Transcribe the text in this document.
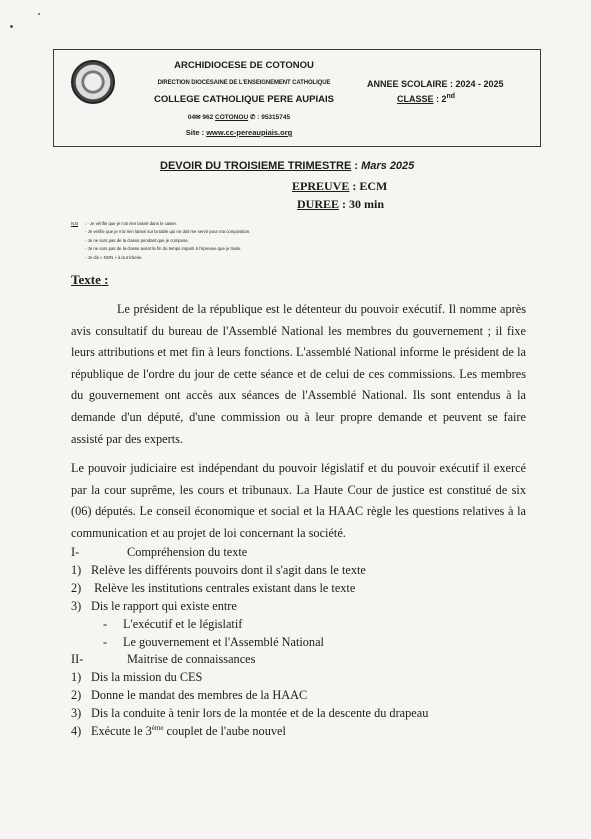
ARCHIDIOCESE DE COTONOU
DIRECTION DIOCESAINE DE L'ENSEIGNEMENT CATHOLIQUE
COLLEGE CATHOLIQUE PERE AUPIAIS
04✉ 962 COTONOU ✆ : 95315745
Site : www.cc-pereaupiais.org
ANNEE SCOLAIRE : 2024 - 2025
CLASSE : 2nd
DEVOIR DU TROISIEME TRIMESTRE : Mars 2025
EPREUVE : ECM
DUREE : 30 min
N.B : - Je vérifie que je n'ai rien laissé dans le casier.
- Je vérifie que je n'ai rien laissé sur la table qui ne doit me servir pour ma composition.
- Je ne sors pas de la classe pendant que je compose.
- Je ne sors pas de la classe avant la fin du temps imparti à l'épreuve que je traite.
- Je dis « NON » à la tricherie.
Texte :

Le président de la république est le détenteur du pouvoir exécutif. Il nomme après avis consultatif du bureau de l'Assemblé National les membres du gouvernement ; il fixe leurs attributions et met fin à leurs fonctions. L'assemblé National informe le président de la république de l'ordre du jour de cette séance et de celui de ces commissions. Les membres du gouvernement ont accès aux séances de l'Assemblé National. Ils sont entendus à la demande d'un député, d'une commission ou à leur propre demande et peuvent se faire assisté par des experts.

Le pouvoir judiciaire est indépendant du pouvoir législatif et du pouvoir exécutif il exercé par la cour suprême, les cours et tribunaux. La Haute Cour de justice est constitué de six (06) députés. Le conseil économique et social et la HAAC règle les questions relatives à la communication et au projet de loi concernant la société.

I-	Compréhension du texte
1) Relève les différents pouvoirs dont il s'agit dans le texte
2) Relève les institutions centrales existant dans le texte
3) Dis le rapport qui existe entre
- L'exécutif et le législatif
- Le gouvernement et l'Assemblé National
II-	Maitrise de connaissances
1) Dis la mission du CES
2) Donne le mandat des membres de la HAAC
3) Dis la conduite à tenir lors de la montée et de la descente du drapeau
4) Exécute le 3ème couplet de l'aube nouvel
